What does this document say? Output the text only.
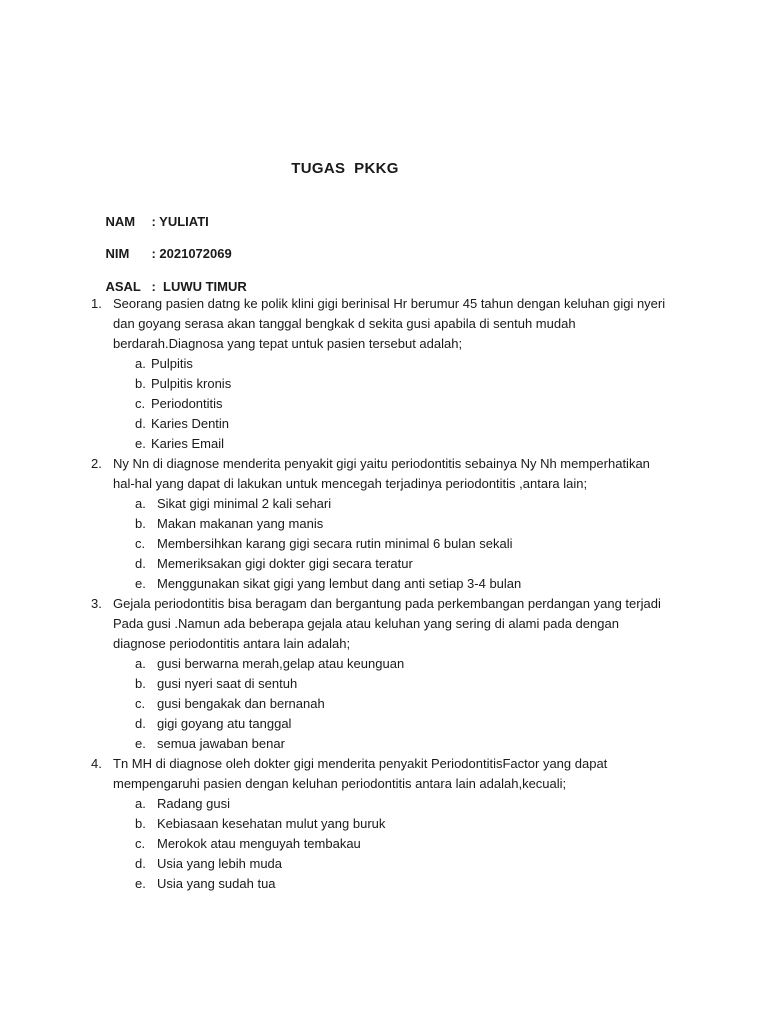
TUGAS  PKKG

NAM : YULIATI

NIM : 2021072069

ASAL :  LUWU TIMUR

1. Seorang pasien datng ke polik klini gigi berinisal Hr berumur 45 tahun dengan keluhan gigi nyeri dan goyang serasa akan tanggal bengkak d sekita gusi apabila di sentuh mudah berdarah.Diagnosa yang tepat untuk pasien tersebut adalah;
a. Pulpitis
b. Pulpitis kronis
c. Periodontitis
d. Karies Dentin
e. Karies Email
2. Ny Nn di diagnose menderita penyakit gigi yaitu periodontitis sebainya Ny Nh memperhatikan hal-hal yang dapat di lakukan untuk mencegah terjadinya periodontitis ,antara lain;
a. Sikat gigi minimal 2 kali sehari
b. Makan makanan yang manis
c. Membersihkan karang gigi secara rutin minimal 6 bulan sekali
d. Memeriksakan gigi dokter gigi secara teratur
e. Menggunakan sikat gigi yang lembut dang anti setiap 3-4 bulan
3. Gejala periodontitis bisa beragam dan bergantung pada perkembangan perdangan yang terjadi Pada gusi .Namun ada beberapa gejala atau keluhan yang sering di alami pada dengan diagnose periodontitis antara lain adalah;
a. gusi berwarna merah,gelap atau keunguan
b. gusi nyeri saat di sentuh
c. gusi bengakak dan bernanah
d. gigi goyang atu tanggal
e. semua jawaban benar
4. Tn MH di diagnose oleh dokter gigi menderita penyakit PeriodontitisFactor yang dapat mempengaruhi pasien dengan keluhan periodontitis antara lain adalah,kecuali;
a. Radang gusi
b. Kebiasaan kesehatan mulut yang buruk
c. Merokok atau menguyah tembakau
d. Usia yang lebih muda
e. Usia yang sudah tua
